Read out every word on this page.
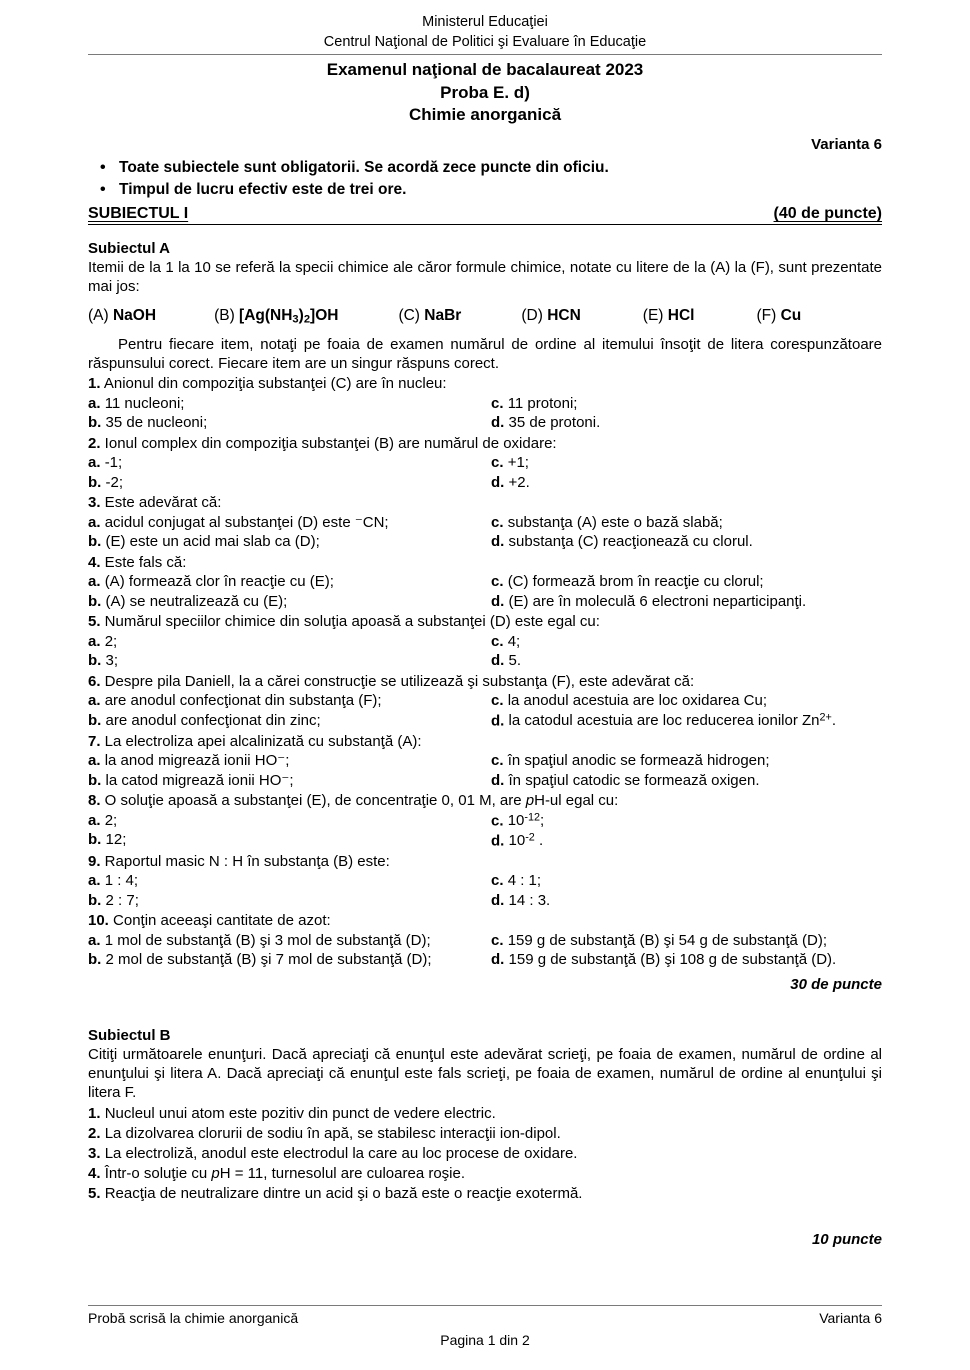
Ministerul Educaţiei
Centrul Naţional de Politici şi Evaluare în Educaţie
Examenul naţional de bacalaureat 2023
Proba E. d)
Chimie anorganică
Varianta 6
• Toate subiectele sunt obligatorii. Se acordă zece puncte din oficiu.
• Timpul de lucru efectiv este de trei ore.
SUBIECTUL I	(40 de puncte)
Subiectul A
Itemii de la 1 la 10 se referă la specii chimice ale căror formule chimice, notate cu litere de la (A) la (F), sunt prezentate mai jos:
(A) NaOH	(B) $[Ag(NH_3)_2]OH$	(C) NaBr	(D) HCN	(E) HCl	(F) Cu
Pentru fiecare item, notaţi pe foaia de examen numărul de ordine al itemului însoţit de litera corespunzătoare răspunsului corect. Fiecare item are un singur răspuns corect.
1. Anionul din compoziţia substanţei (C) are în nucleu:
a. 11 nucleoni;
b. 35 de nucleoni;
c. 11 protoni;
d. 35 de protoni.
2. Ionul complex din compoziţia substanţei (B) are numărul de oxidare:
a. -1;
b. -2;
c. +1;
d. +2.
3. Este adevărat că:
a. acidul conjugat al substanţei (D) este ⁻CN;
b. (E) este un acid mai slab ca (D);
c. substanţa (A) este o bază slabă;
d. substanţa (C) reacţionează cu clorul.
4. Este fals că:
a. (A) formează clor în reacţie cu (E);
b. (A) se neutralizează cu (E);
c. (C) formează brom în reacţie cu clorul;
d. (E) are în moleculă 6 electroni neparticipanţi.
5. Numărul speciilor chimice din soluţia apoasă a substanţei (D) este egal cu:
a. 2;
b. 3;
c. 4;
d. 5.
6. Despre pila Daniell, la a cărei construcţie se utilizează şi substanţa (F), este adevărat că:
a. are anodul confecţionat din substanţa (F);
b. are anodul confecţionat din zinc;
c. la anodul acestuia are loc oxidarea Cu;
d. la catodul acestuia are loc reducerea ionilor $Zn^{2+}$.
7. La electroliza apei alcalinizată cu substanţă (A):
a. la anod migrează ionii HO⁻;
b. la catod migrează ionii HO⁻;
c. în spaţiul anodic se formează hidrogen;
d. în spaţiul catodic se formează oxigen.
8. O soluţie apoasă a substanţei (E), de concentraţie 0, 01 M, are pH-ul egal cu:
a. 2;
b. 12;
c. $10^{-12}$;
d. $10^{-2}$ .
9. Raportul masic N : H în substanţa (B) este:
a. 1 : 4;
b. 2 : 7;
c. 4 : 1;
d. 14 : 3.
10. Conţin aceeaşi cantitate de azot:
a. 1 mol de substanţă (B) şi 3 mol de substanţă (D);
b. 2 mol de substanţă (B) şi 7 mol de substanţă (D);
c. 159 g de substanţă (B) şi 54 g de substanţă (D);
d. 159 g de substanţă (B) şi 108 g de substanţă (D).
30 de puncte
Subiectul B
Citiţi următoarele enunţuri. Dacă apreciaţi că enunţul este adevărat scrieţi, pe foaia de examen, numărul de ordine al enunţului şi litera A. Dacă apreciaţi că enunţul este fals scrieţi, pe foaia de examen, numărul de ordine al enunţului şi litera F.
1. Nucleul unui atom este pozitiv din punct de vedere electric.
2. La dizolvarea clorurii de sodiu în apă, se stabilesc interacţii ion-dipol.
3. La electroliză, anodul este electrodul la care au loc procese de oxidare.
4. Într-o soluţie cu pH = 11, turnesolul are culoarea roşie.
5. Reacţia de neutralizare dintre un acid şi o bază este o reacţie exotermă.
10 puncte
Probă scrisă la chimie anorganică	Varianta 6
Pagina 1 din 2
